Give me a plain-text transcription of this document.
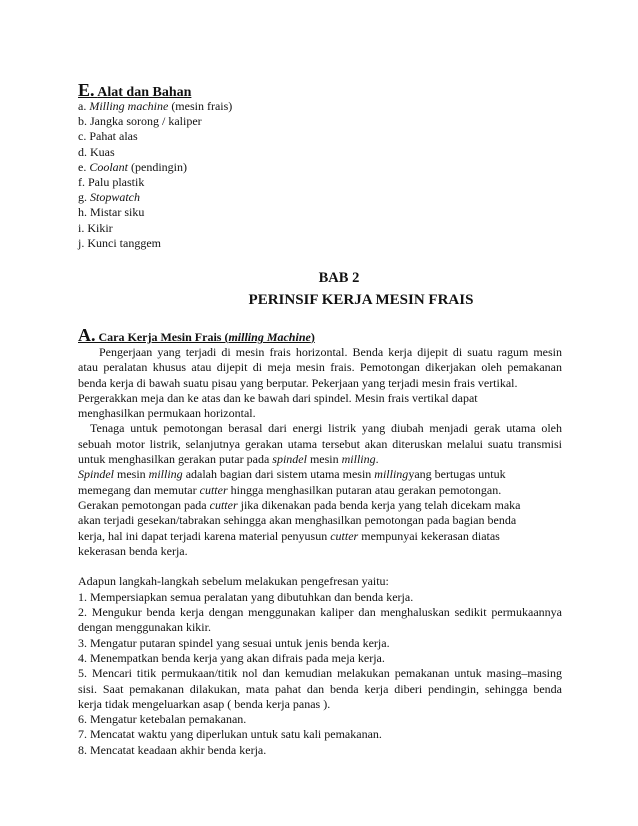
E. Alat dan Bahan
a. Milling machine (mesin frais)
b. Jangka sorong / kaliper
c. Pahat alas
d. Kuas
e. Coolant (pendingin)
f. Palu plastik
g. Stopwatch
h. Mistar siku
i. Kikir
j. Kunci tanggem
BAB 2
PERINSIF KERJA MESIN FRAIS
A. Cara Kerja Mesin Frais (milling Machine)
Pengerjaan yang terjadi di mesin frais horizontal. Benda kerja dijepit di suatu ragum mesin
atau peralatan khusus atau dijepit di meja mesin frais. Pemotongan dikerjakan oleh pemakanan
benda kerja di bawah suatu pisau yang berputar. Pekerjaan yang terjadi mesin frais vertikal.
Pergerakkan meja dan ke atas dan ke bawah dari spindel. Mesin frais vertikal dapat
menghasilkan permukaan horizontal.
Tenaga untuk pemotongan berasal dari energi listrik yang diubah menjadi gerak utama oleh
sebuah motor listrik, selanjutnya gerakan utama tersebut akan diteruskan melalui suatu transmisi
untuk menghasilkan gerakan putar pada spindel mesin milling.
Spindel mesin milling adalah bagian dari sistem utama mesin millingyang bertugas untuk
memegang dan memutar cutter hingga menghasilkan putaran atau gerakan pemotongan.
Gerakan pemotongan pada cutter jika dikenakan pada benda kerja yang telah dicekam maka
akan terjadi gesekan/tabrakan sehingga akan menghasilkan pemotongan pada bagian benda
kerja, hal ini dapat terjadi karena material penyusun cutter mempunyai kekerasan diatas
kekerasan benda kerja.
Adapun langkah-langkah sebelum melakukan pengefresan yaitu:
1. Mempersiapkan semua peralatan yang dibutuhkan dan benda kerja.
2. Mengukur benda kerja dengan menggunakan kaliper dan menghaluskan sedikit permukaannya
dengan menggunakan kikir.
3. Mengatur putaran spindel yang sesuai untuk jenis benda kerja.
4. Menempatkan benda kerja yang akan difrais pada meja kerja.
5. Mencari titik permukaan/titik nol dan kemudian melakukan pemakanan untuk masing–masing
sisi. Saat pemakanan dilakukan, mata pahat dan benda kerja diberi pendingin, sehingga benda
kerja tidak mengeluarkan asap ( benda kerja panas ).
6. Mengatur ketebalan pemakanan.
7. Mencatat waktu yang diperlukan untuk satu kali pemakanan.
8. Mencatat keadaan akhir benda kerja.
